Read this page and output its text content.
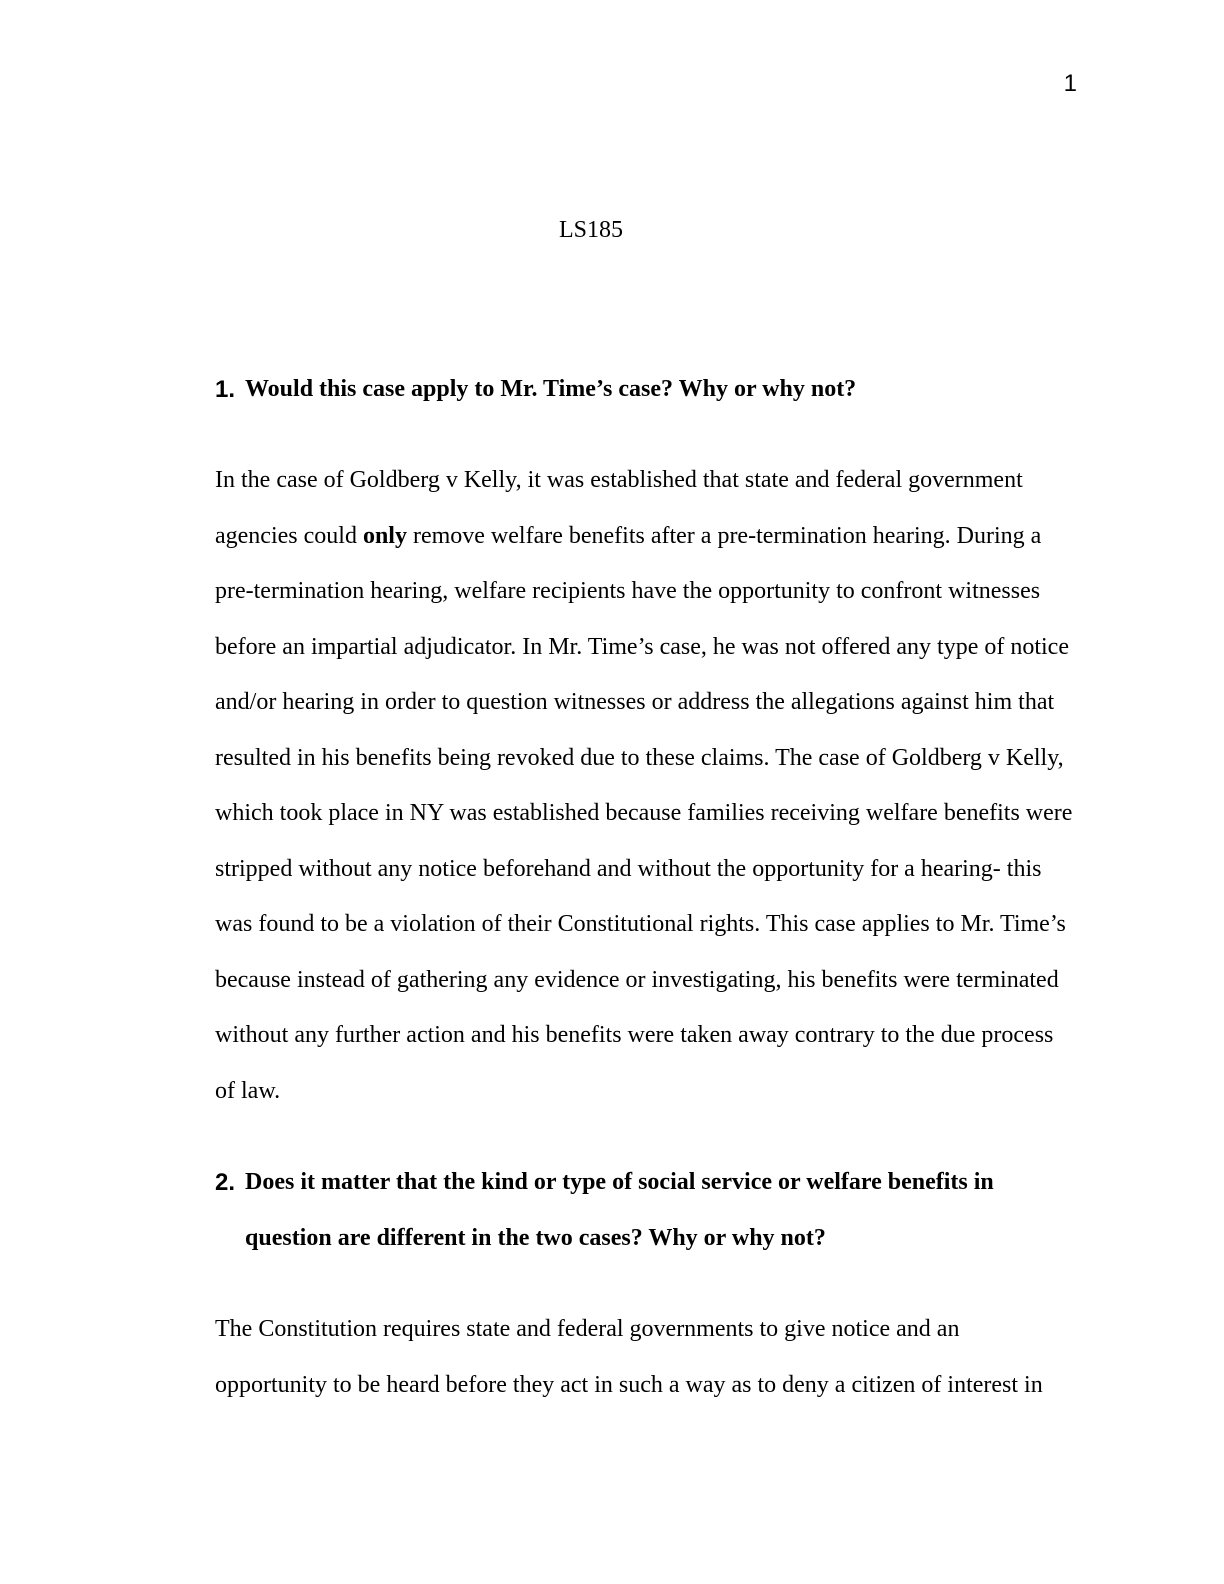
1
LS185
1. Would this case apply to Mr. Time’s case? Why or why not?
In the case of Goldberg v Kelly, it was established that state and federal government
agencies could only remove welfare benefits after a pre-termination hearing. During a
pre-termination hearing, welfare recipients have the opportunity to confront witnesses
before an impartial adjudicator. In Mr. Time’s case, he was not offered any type of notice
and/or hearing in order to question witnesses or address the allegations against him that
resulted in his benefits being revoked due to these claims. The case of Goldberg v Kelly,
which took place in NY was established because families receiving welfare benefits were
stripped without any notice beforehand and without the opportunity for a hearing- this
was found to be a violation of their Constitutional rights. This case applies to Mr. Time’s
because instead of gathering any evidence or investigating, his benefits were terminated
without any further action and his benefits were taken away contrary to the due process
of law.
2. Does it matter that the kind or type of social service or welfare benefits in
question are different in the two cases? Why or why not?
The Constitution requires state and federal governments to give notice and an
opportunity to be heard before they act in such a way as to deny a citizen of interest in
